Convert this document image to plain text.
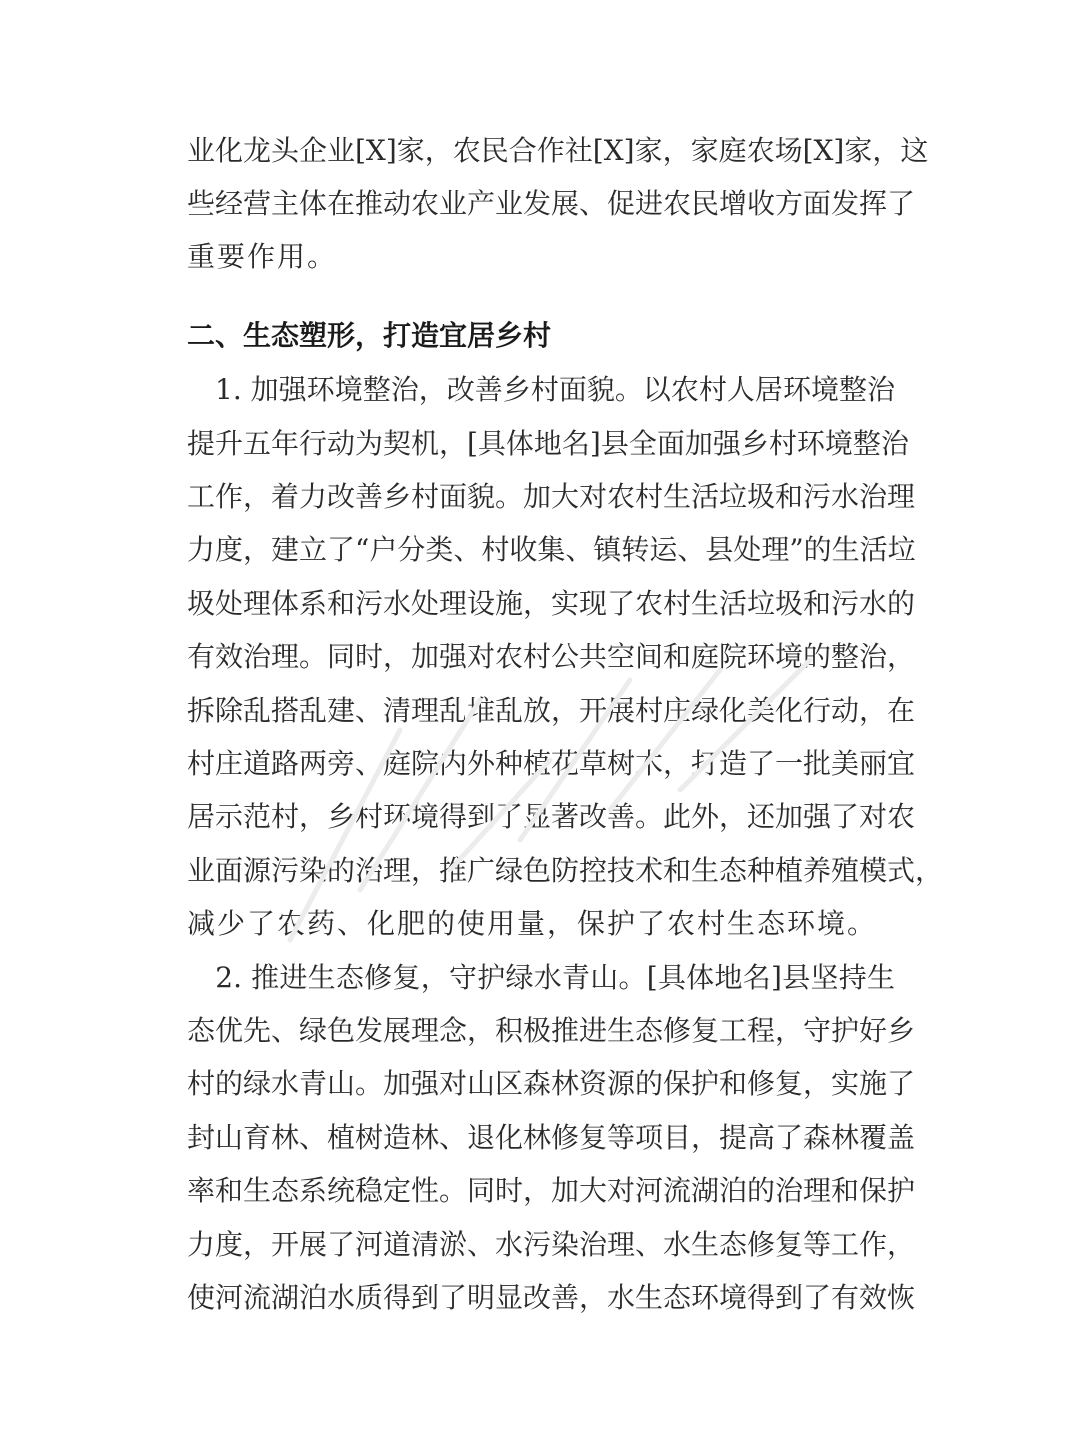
业化龙头企业[X]家，农民合作社[X]家，家庭农场[X]家，这
些经营主体在推动农业产业发展、促进农民增收方面发挥了
重要作用。
二、生态塑形，打造宜居乡村
　1. 加强环境整治，改善乡村面貌。以农村人居环境整治
提升五年行动为契机，[具体地名]县全面加强乡村环境整治
工作，着力改善乡村面貌。加大对农村生活垃圾和污水治理
力度，建立了“户分类、村收集、镇转运、县处理”的生活垃
圾处理体系和污水处理设施，实现了农村生活垃圾和污水的
有效治理。同时，加强对农村公共空间和庭院环境的整治，
拆除乱搭乱建、清理乱堆乱放，开展村庄绿化美化行动，在
村庄道路两旁、庭院内外种植花草树木，打造了一批美丽宜
居示范村，乡村环境得到了显著改善。此外，还加强了对农
业面源污染的治理，推广绿色防控技术和生态种植养殖模式，
减少了农药、化肥的使用量，保护了农村生态环境。
　2. 推进生态修复，守护绿水青山。[具体地名]县坚持生
态优先、绿色发展理念，积极推进生态修复工程，守护好乡
村的绿水青山。加强对山区森林资源的保护和修复，实施了
封山育林、植树造林、退化林修复等项目，提高了森林覆盖
率和生态系统稳定性。同时，加大对河流湖泊的治理和保护
力度，开展了河道清淤、水污染治理、水生态修复等工作，
使河流湖泊水质得到了明显改善，水生态环境得到了有效恢
